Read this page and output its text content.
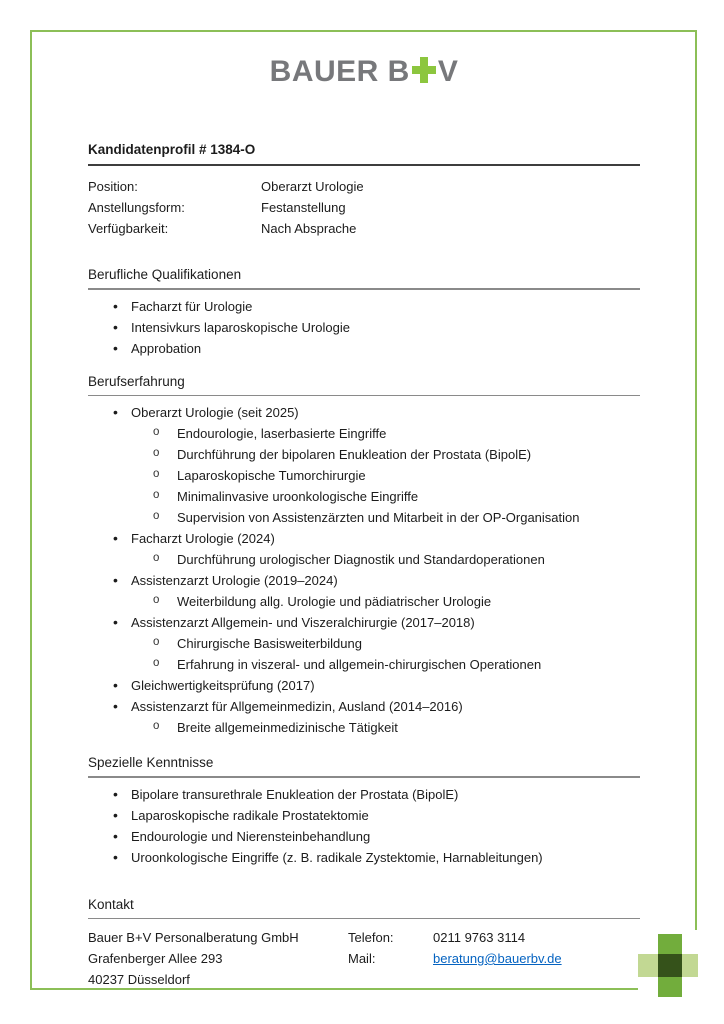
BAUER B V
Kandidatenprofil # 1384-O
Position:	Oberarzt Urologie
Anstellungsform:	Festanstellung
Verfügbarkeit:	Nach Absprache
Berufliche Qualifikationen
• Facharzt für Urologie
• Intensivkurs laparoskopische Urologie
• Approbation
Berufserfahrung
• Oberarzt Urologie (seit 2025)
o Endourologie, laserbasierte Eingriffe
o Durchführung der bipolaren Enukleation der Prostata (BipolE)
o Laparoskopische Tumorchirurgie
o Minimalinvasive uroonkologische Eingriffe
o Supervision von Assistenzärzten und Mitarbeit in der OP-Organisation
• Facharzt Urologie (2024)
o Durchführung urologischer Diagnostik und Standardoperationen
• Assistenzarzt Urologie (2019–2024)
o Weiterbildung allg. Urologie und pädiatrischer Urologie
• Assistenzarzt Allgemein- und Viszeralchirurgie (2017–2018)
o Chirurgische Basisweiterbildung
o Erfahrung in viszeral- und allgemein-chirurgischen Operationen
• Gleichwertigkeitsprüfung (2017)
• Assistenzarzt für Allgemeinmedizin, Ausland (2014–2016)
o Breite allgemeinmedizinische Tätigkeit
Spezielle Kenntnisse
• Bipolare transurethrale Enukleation der Prostata (BipolE)
• Laparoskopische radikale Prostatektomie
• Endourologie und Nierensteinbehandlung
• Uroonkologische Eingriffe (z. B. radikale Zystektomie, Harnableitungen)
Kontakt
Bauer B+V Personalberatung GmbH
Grafenberger Allee 293
40237 Düsseldorf
Telefon:	0211 9763 3114
Mail:	beratung@bauerbv.de
